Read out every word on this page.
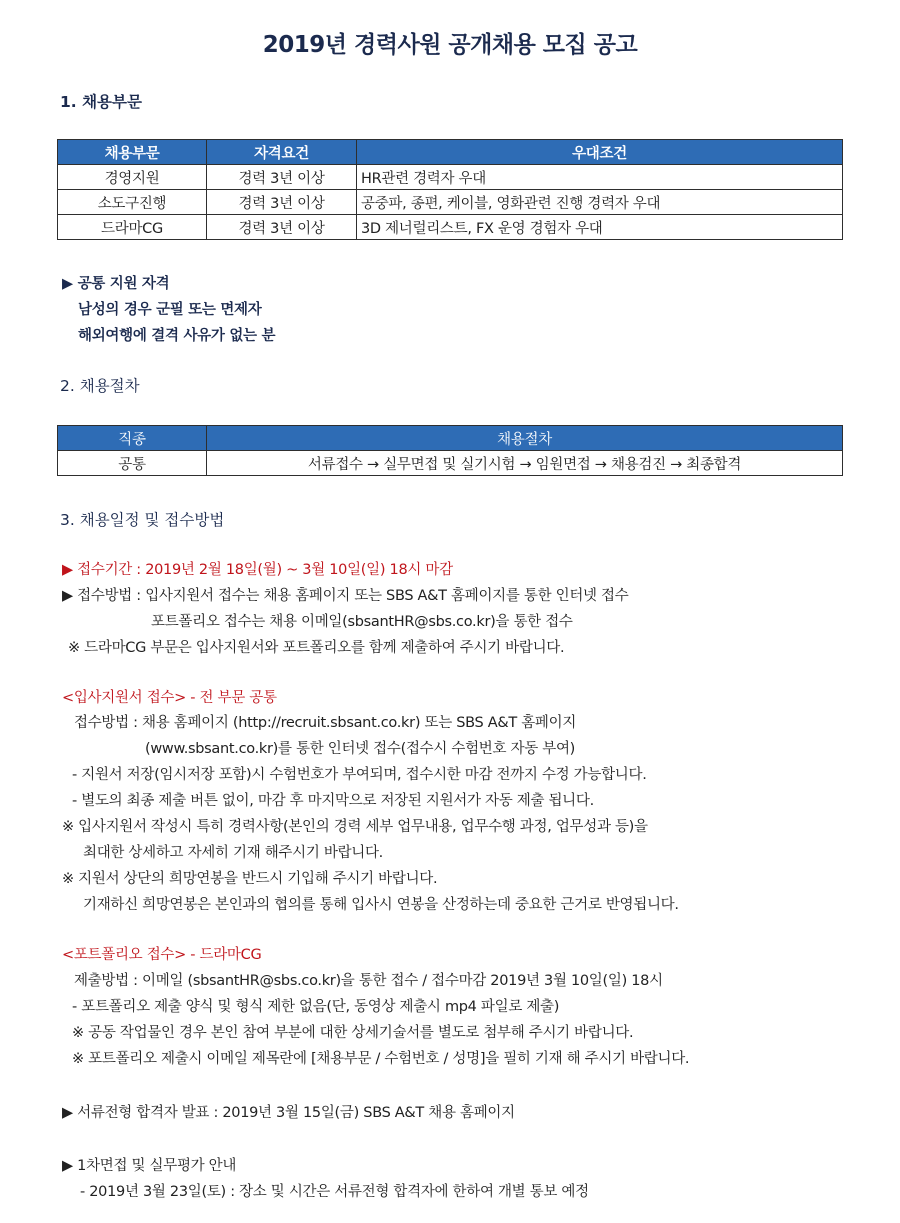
2019년 경력사원 공개채용 모집 공고
1. 채용부문
채용부문	자격요건	우대조건
경영지원	경력 3년 이상	HR관련 경력자 우대
소도구진행	경력 3년 이상	공중파, 종편, 케이블, 영화관련 진행 경력자 우대
드라마CG	경력 3년 이상	3D 제너럴리스트, FX 운영 경험자 우대
▶ 공통 지원 자격
남성의 경우 군필 또는 면제자
해외여행에 결격 사유가 없는 분
2. 채용절차
직종	채용절차
공통	서류접수 → 실무면접 및 실기시험 → 임원면접 → 채용검진 → 최종합격
3. 채용일정 및 접수방법
▶ 접수기간 : 2019년 2월 18일(월) ~ 3월 10일(일) 18시 마감
▶ 접수방법 : 입사지원서 접수는 채용 홈페이지 또는 SBS A&T 홈페이지를 통한 인터넷 접수
포트폴리오 접수는 채용 이메일(sbsantHR@sbs.co.kr)을 통한 접수
※ 드라마CG 부문은 입사지원서와 포트폴리오를 함께 제출하여 주시기 바랍니다.
<입사지원서 접수> - 전 부문 공통
접수방법 : 채용 홈페이지 (http://recruit.sbsant.co.kr) 또는 SBS A&T 홈페이지
(www.sbsant.co.kr)를 통한 인터넷 접수(접수시 수험번호 자동 부여)
- 지원서 저장(임시저장 포함)시 수험번호가 부여되며, 접수시한 마감 전까지 수정 가능합니다.
- 별도의 최종 제출 버튼 없이, 마감 후 마지막으로 저장된 지원서가 자동 제출 됩니다.
※ 입사지원서 작성시 특히 경력사항(본인의 경력 세부 업무내용, 업무수행 과정, 업무성과 등)을
최대한 상세하고 자세히 기재 해주시기 바랍니다.
※ 지원서 상단의 희망연봉을 반드시 기입해 주시기 바랍니다.
기재하신 희망연봉은 본인과의 협의를 통해 입사시 연봉을 산정하는데 중요한 근거로 반영됩니다.
<포트폴리오 접수> - 드라마CG
제출방법 : 이메일 (sbsantHR@sbs.co.kr)을 통한 접수 / 접수마감 2019년 3월 10일(일) 18시
- 포트폴리오 제출 양식 및 형식 제한 없음(단, 동영상 제출시 mp4 파일로 제출)
※ 공동 작업물인 경우 본인 참여 부분에 대한 상세기술서를 별도로 첨부해 주시기 바랍니다.
※ 포트폴리오 제출시 이메일 제목란에 [채용부문 / 수험번호 / 성명]을 필히 기재 해 주시기 바랍니다.
▶ 서류전형 합격자 발표 : 2019년 3월 15일(금) SBS A&T 채용 홈페이지
▶ 1차면접 및 실무평가 안내
- 2019년 3월 23일(토) : 장소 및 시간은 서류전형 합격자에 한하여 개별 통보 예정
